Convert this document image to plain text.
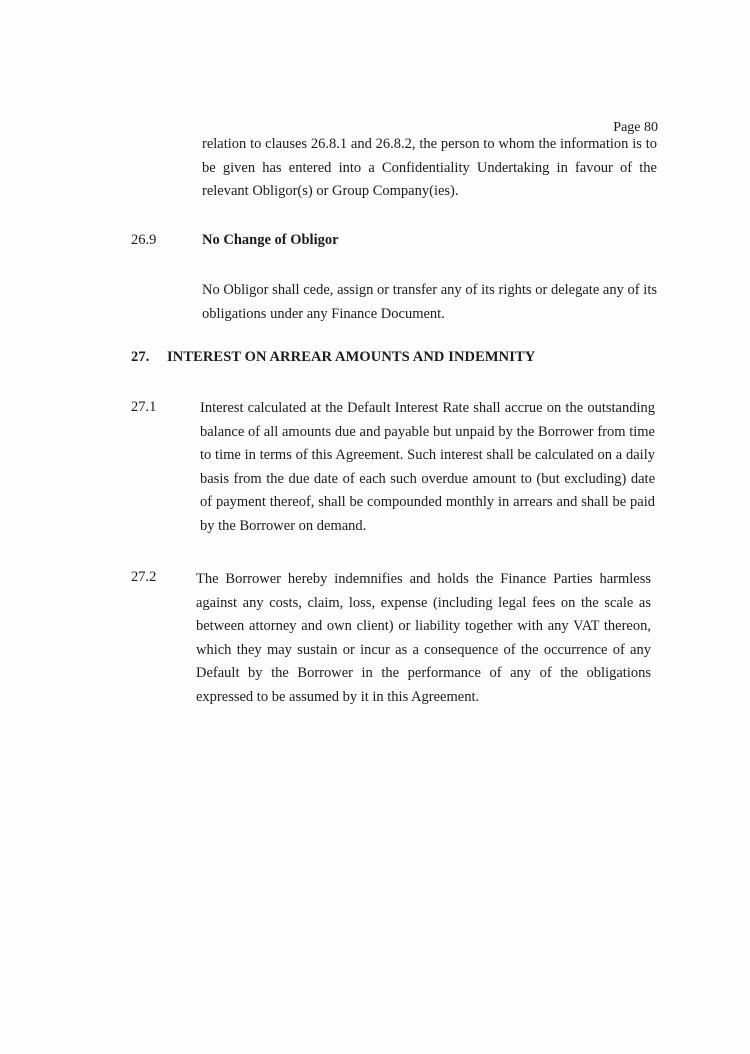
Page 80
relation to clauses 26.8.1 and 26.8.2, the person to whom the information is to be given has entered into a Confidentiality Undertaking in favour of the relevant Obligor(s) or Group Company(ies).
26.9	No Change of Obligor
No Obligor shall cede, assign or transfer any of its rights or delegate any of its obligations under any Finance Document.
27. INTEREST ON ARREAR AMOUNTS AND INDEMNITY
27.1	Interest calculated at the Default Interest Rate shall accrue on the outstanding balance of all amounts due and payable but unpaid by the Borrower from time to time in terms of this Agreement. Such interest shall be calculated on a daily basis from the due date of each such overdue amount to (but excluding) date of payment thereof, shall be compounded monthly in arrears and shall be paid by the Borrower on demand.
27.2	The Borrower hereby indemnifies and holds the Finance Parties harmless against any costs, claim, loss, expense (including legal fees on the scale as between attorney and own client) or liability together with any VAT thereon, which they may sustain or incur as a consequence of the occurrence of any Default by the Borrower in the performance of any of the obligations expressed to be assumed by it in this Agreement.
